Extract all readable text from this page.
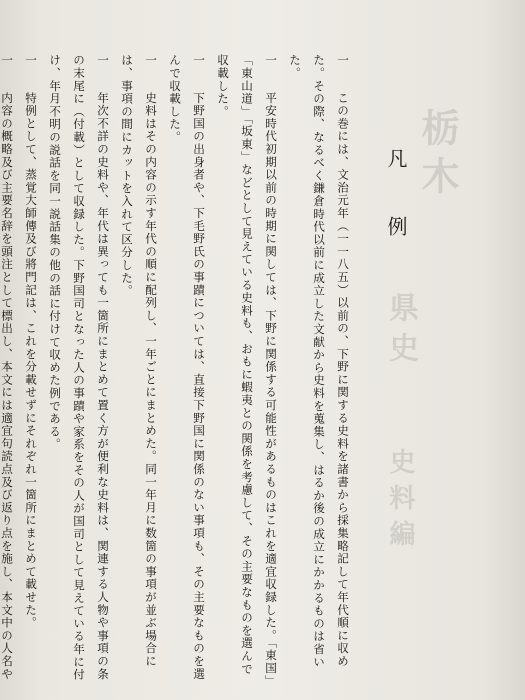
栃木
県史
史料編
凡　例
一　この巻には、文治元年（一一八五）以前の、下野に関する史料を諸書から採集略記して年代順に収めた。その際、なるべく鎌倉時代以前に成立した文献から史料を蒐集し、はるか後の成立にかかるものは省いた。
一　平安時代初期以前の時期に関しては、下野に関係する可能性があるものはこれを適宜収録した。「東国」「東山道」「坂東」などとして見えている史料も、おもに蝦夷との関係を考慮して、その主要なものを選んで収載した。
一　下野国の出身者や、下毛野氏の事蹟については、直接下野国に関係のない事項も、その主要なものを選んで収載した。
一　史料はその内容の示す年代の順に配列し、一年ごとにまとめた。同一年月に数箇の事項が並ぶ場合には、事項の間にカットを入れて区分した。
一　年次不詳の史料や、年代は異っても一箇所にまとめて置く方が便利な史料は、関連する人物や事項の条の末尾に（付載）として収録した。下野国司となった人の事蹟や家系をその人が国司として見えている年に付け、年月不明の説話を同一説話集の他の話に付けて収めた例である。
一　特例として、蒸覚大師傳及び將門記は、これを分載せずにそれぞれ一箇所にまとめて載せた。
一　内容の概略及び主要名辞を頭注として標出し、本文には適宜句読点及び返り点を施し、本文中の人名や
